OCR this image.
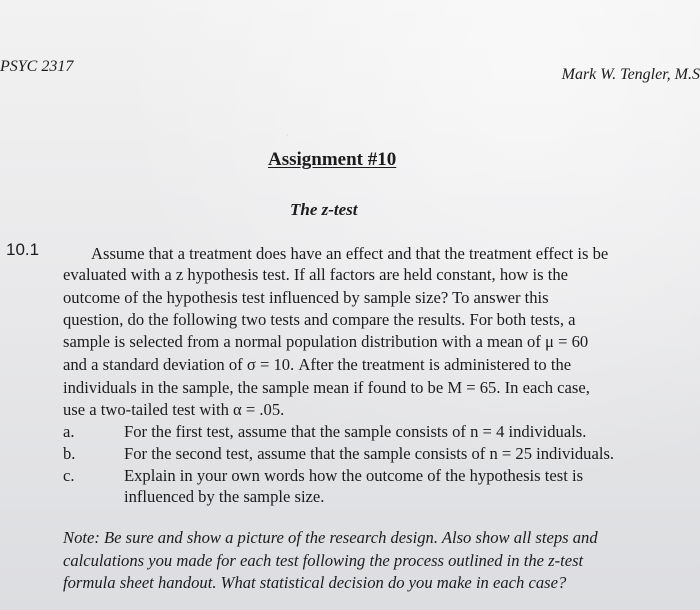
·
PSYC 2317	Mark W. Tengler, M.S
Assignment #10
The z-test
10.1	Assume that a treatment does have an effect and that the treatment effect is be
evaluated with a z hypothesis test. If all factors are held constant, how is the
outcome of the hypothesis test influenced by sample size? To answer this
question, do the following two tests and compare the results. For both tests, a
sample is selected from a normal population distribution with a mean of μ = 60
and a standard deviation of σ = 10. After the treatment is administered to the
individuals in the sample, the sample mean if found to be M = 65. In each case,
use a two-tailed test with α = .05.
a.	For the first test, assume that the sample consists of n = 4 individuals.
b.	For the second test, assume that the sample consists of n = 25 individuals.
c.	Explain in your own words how the outcome of the hypothesis test is
influenced by the sample size.
Note: Be sure and show a picture of the research design. Also show all steps and
calculations you made for each test following the process outlined in the z-test
formula sheet handout. What statistical decision do you make in each case?
